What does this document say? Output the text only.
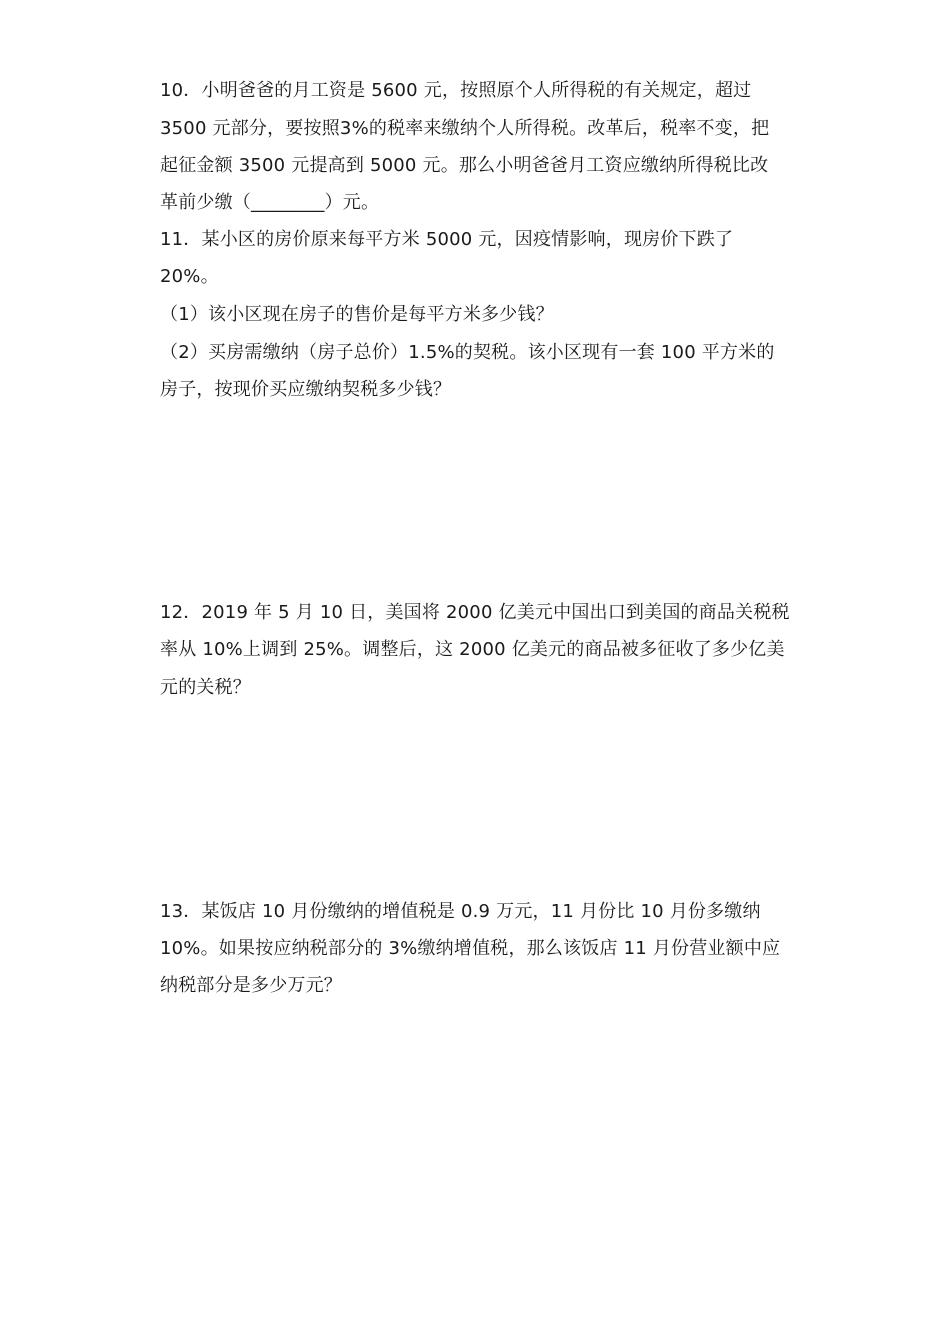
10．小明爸爸的月工资是 5600 元，按照原个人所得税的有关规定，超过
3500 元部分，要按照3%的税率来缴纳个人所得税。改革后，税率不变，把
起征金额 3500 元提高到 5000 元。那么小明爸爸月工资应缴纳所得税比改
革前少缴（________）元。
11．某小区的房价原来每平方米 5000 元，因疫情影响，现房价下跌了
20%。
（1）该小区现在房子的售价是每平方米多少钱？
（2）买房需缴纳（房子总价）1.5%的契税。该小区现有一套 100 平方米的
房子，按现价买应缴纳契税多少钱？
12．2019 年 5 月 10 日，美国将 2000 亿美元中国出口到美国的商品关税税
率从 10%上调到 25%。调整后，这 2000 亿美元的商品被多征收了多少亿美
元的关税？
13．某饭店 10 月份缴纳的增值税是 0.9 万元，11 月份比 10 月份多缴纳
10%。如果按应纳税部分的 3%缴纳增值税，那么该饭店 11 月份营业额中应
纳税部分是多少万元？
